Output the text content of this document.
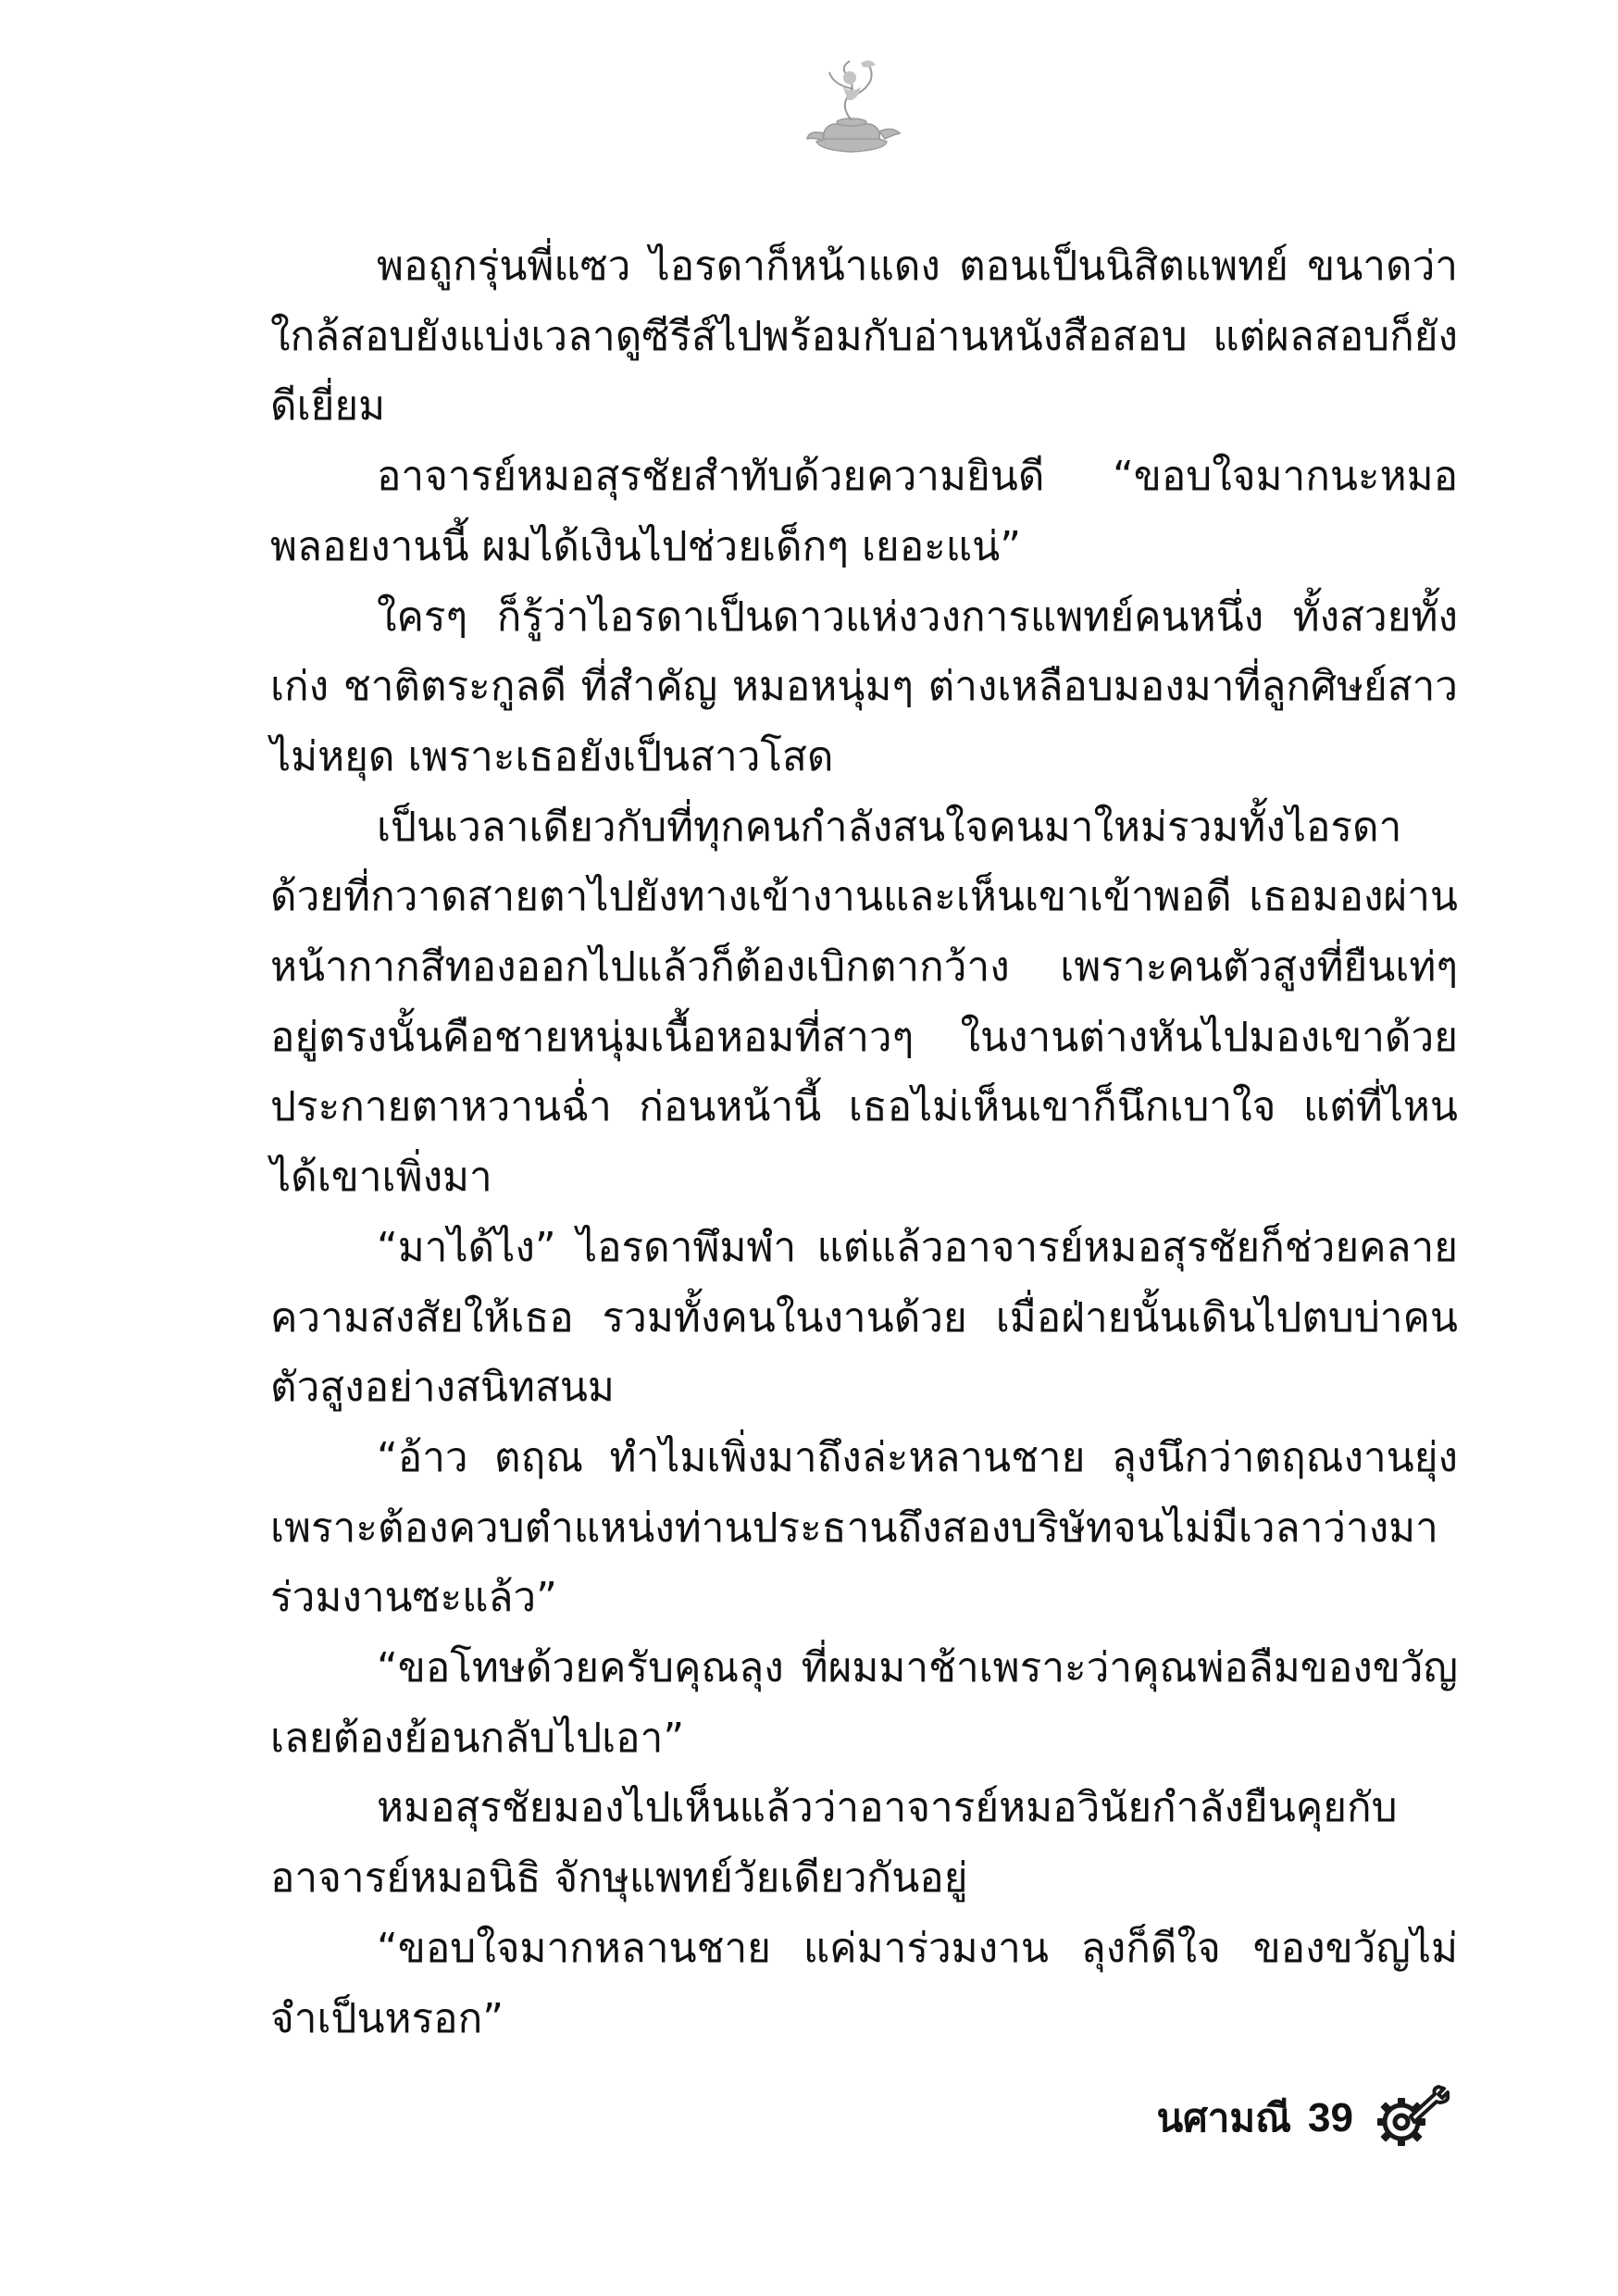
พอถูกรุ่นพี่แซว ไอรดาก็หน้าแดง ตอนเป็นนิสิตแพทย์ ขนาดว่าใกล้สอบยังแบ่งเวลาดูซีรีส์ไปพร้อมกับอ่านหนังสือสอบ แต่ผลสอบก็ยังดีเยี่ยม

อาจารย์หมอสุรชัยสำทับด้วยความยินดี “ขอบใจมากนะหมอพลอยงานนี้ ผมได้เงินไปช่วยเด็กๆ เยอะแน่”

ใครๆ ก็รู้ว่าไอรดาเป็นดาวแห่งวงการแพทย์คนหนึ่ง ทั้งสวยทั้งเก่ง ชาติตระกูลดี ที่สำคัญ หมอหนุ่มๆ ต่างเหลือบมองมาที่ลูกศิษย์สาวไม่หยุด เพราะเธอยังเป็นสาวโสด

เป็นเวลาเดียวกับที่ทุกคนกำลังสนใจคนมาใหม่รวมทั้งไอรดาด้วยที่กวาดสายตาไปยังทางเข้างานและเห็นเขาเข้าพอดี เธอมองผ่านหน้ากากสีทองออกไปแล้วก็ต้องเบิกตากว้าง เพราะคนตัวสูงที่ยืนเท่ๆ อยู่ตรงนั้นคือชายหนุ่มเนื้อหอมที่สาวๆ ในงานต่างหันไปมองเขาด้วยประกายตาหวานฉ่ำ ก่อนหน้านี้ เธอไม่เห็นเขาก็นึกเบาใจ แต่ที่ไหนได้เขาเพิ่งมา

“มาได้ไง” ไอรดาพึมพำ แต่แล้วอาจารย์หมอสุรชัยก็ช่วยคลายความสงสัยให้เธอ รวมทั้งคนในงานด้วย เมื่อฝ่ายนั้นเดินไปตบบ่าคนตัวสูงอย่างสนิทสนม

“อ้าว ตฤณ ทำไมเพิ่งมาถึงล่ะหลานชาย ลุงนึกว่าตฤณงานยุ่งเพราะต้องควบตำแหน่งท่านประธานถึงสองบริษัทจนไม่มีเวลาว่างมาร่วมงานซะแล้ว”

“ขอโทษด้วยครับคุณลุง ที่ผมมาช้าเพราะว่าคุณพ่อลืมของขวัญเลยต้องย้อนกลับไปเอา”

หมอสุรชัยมองไปเห็นแล้วว่าอาจารย์หมอวินัยกำลังยืนคุยกับอาจารย์หมอนิธิ จักษุแพทย์วัยเดียวกันอยู่

“ขอบใจมากหลานชาย แค่มาร่วมงาน ลุงก็ดีใจ ของขวัญไม่จำเป็นหรอก”

นศามณี 39
